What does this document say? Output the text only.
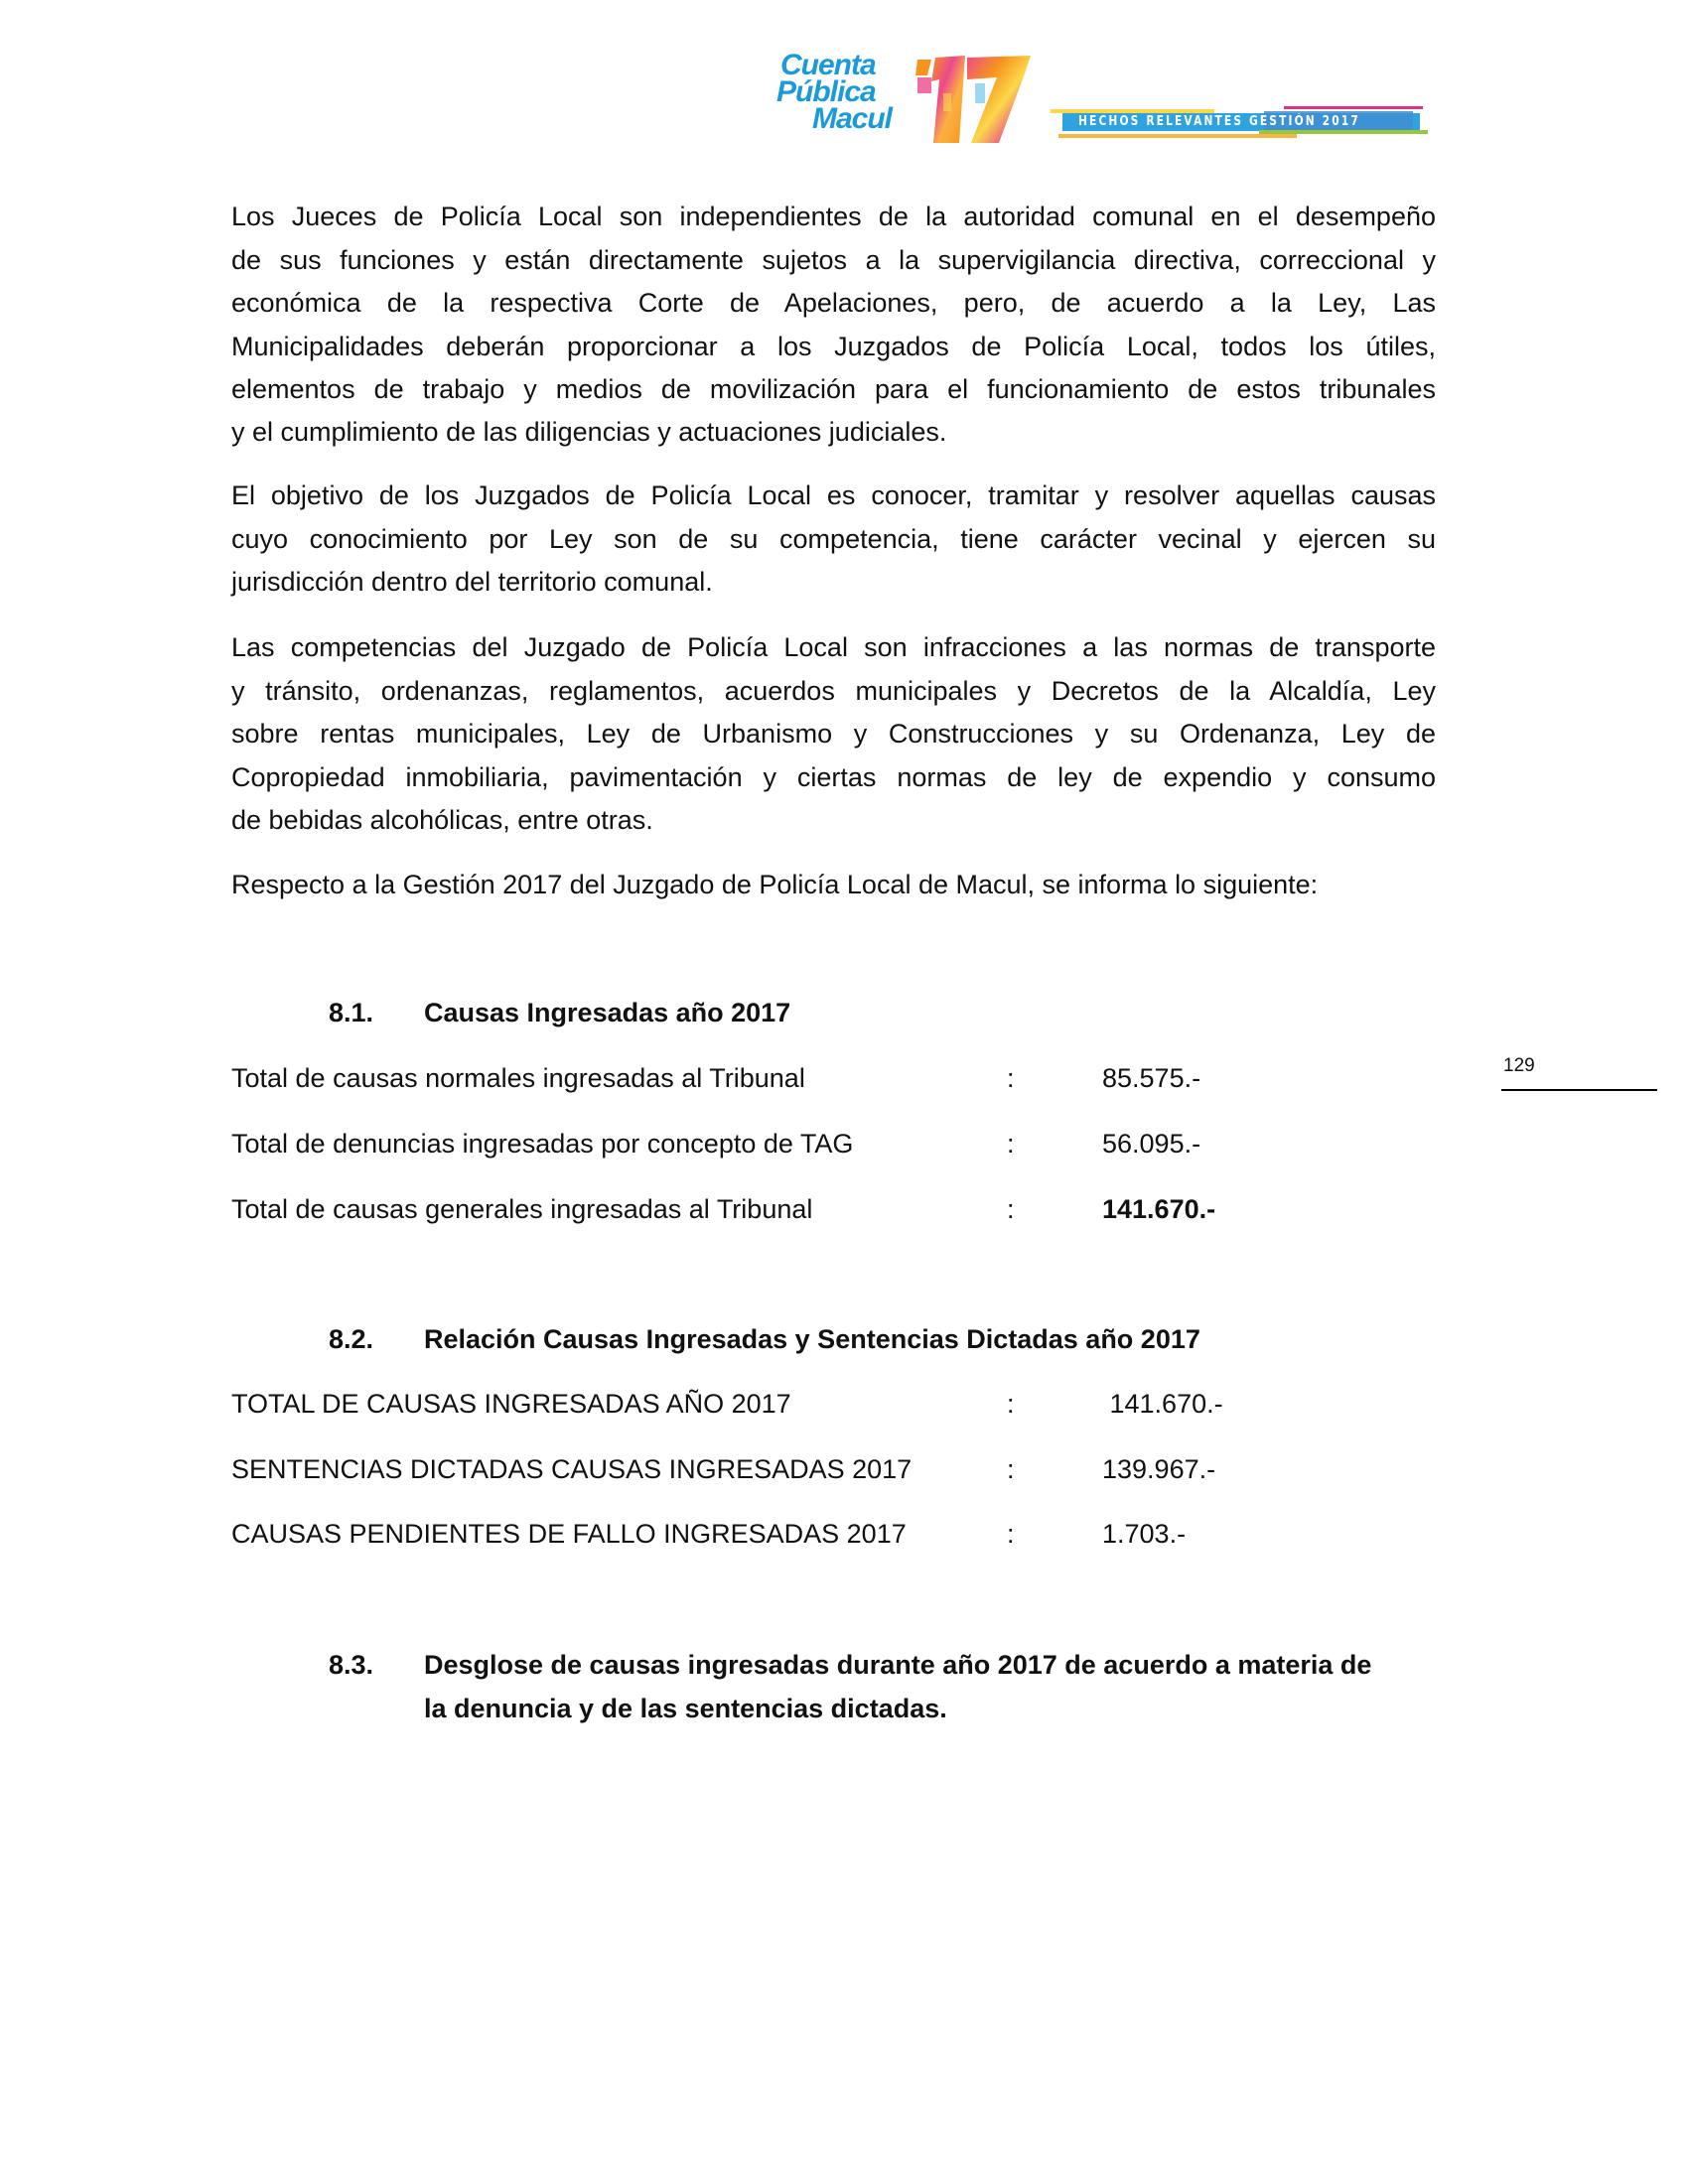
Cuenta
Pública
Macul	HECHOS RELEVANTES GESTIÓN 2017
Los Jueces de Policía Local son independientes de la autoridad comunal en el desempeño
de sus funciones y están directamente sujetos a la supervigilancia directiva, correccional y
económica de la respectiva Corte de Apelaciones, pero, de acuerdo a la Ley, Las
Municipalidades deberán proporcionar a los Juzgados de Policía Local, todos los útiles,
elementos de trabajo y medios de movilización para el funcionamiento de estos tribunales
y el cumplimiento de las diligencias y actuaciones judiciales.
El objetivo de los Juzgados de Policía Local es conocer, tramitar y resolver aquellas causas
cuyo conocimiento por Ley son de su competencia, tiene carácter vecinal y ejercen su
jurisdicción dentro del territorio comunal.
Las competencias del Juzgado de Policía Local son infracciones a las normas de transporte
y tránsito, ordenanzas, reglamentos, acuerdos municipales y Decretos de la Alcaldía, Ley
sobre rentas municipales, Ley de Urbanismo y Construcciones y su Ordenanza, Ley de
Copropiedad inmobiliaria, pavimentación y ciertas normas de ley de expendio y consumo
de bebidas alcohólicas, entre otras.
Respecto a la Gestión 2017 del Juzgado de Policía Local de Macul, se informa lo siguiente:
8.1. Causas Ingresadas año 2017
Total de causas normales ingresadas al Tribunal	:	85.575.-
Total de denuncias ingresadas por concepto de TAG	:	56.095.-
Total de causas generales ingresadas al Tribunal	:	141.670.-
8.2. Relación Causas Ingresadas y Sentencias Dictadas año 2017
TOTAL DE CAUSAS INGRESADAS AÑO 2017	:	141.670.-
SENTENCIAS DICTADAS CAUSAS INGRESADAS 2017	:	139.967.-
CAUSAS PENDIENTES DE FALLO INGRESADAS 2017	:	1.703.-
8.3. Desglose de causas ingresadas durante año 2017 de acuerdo a materia de
la denuncia y de las sentencias dictadas.
129
